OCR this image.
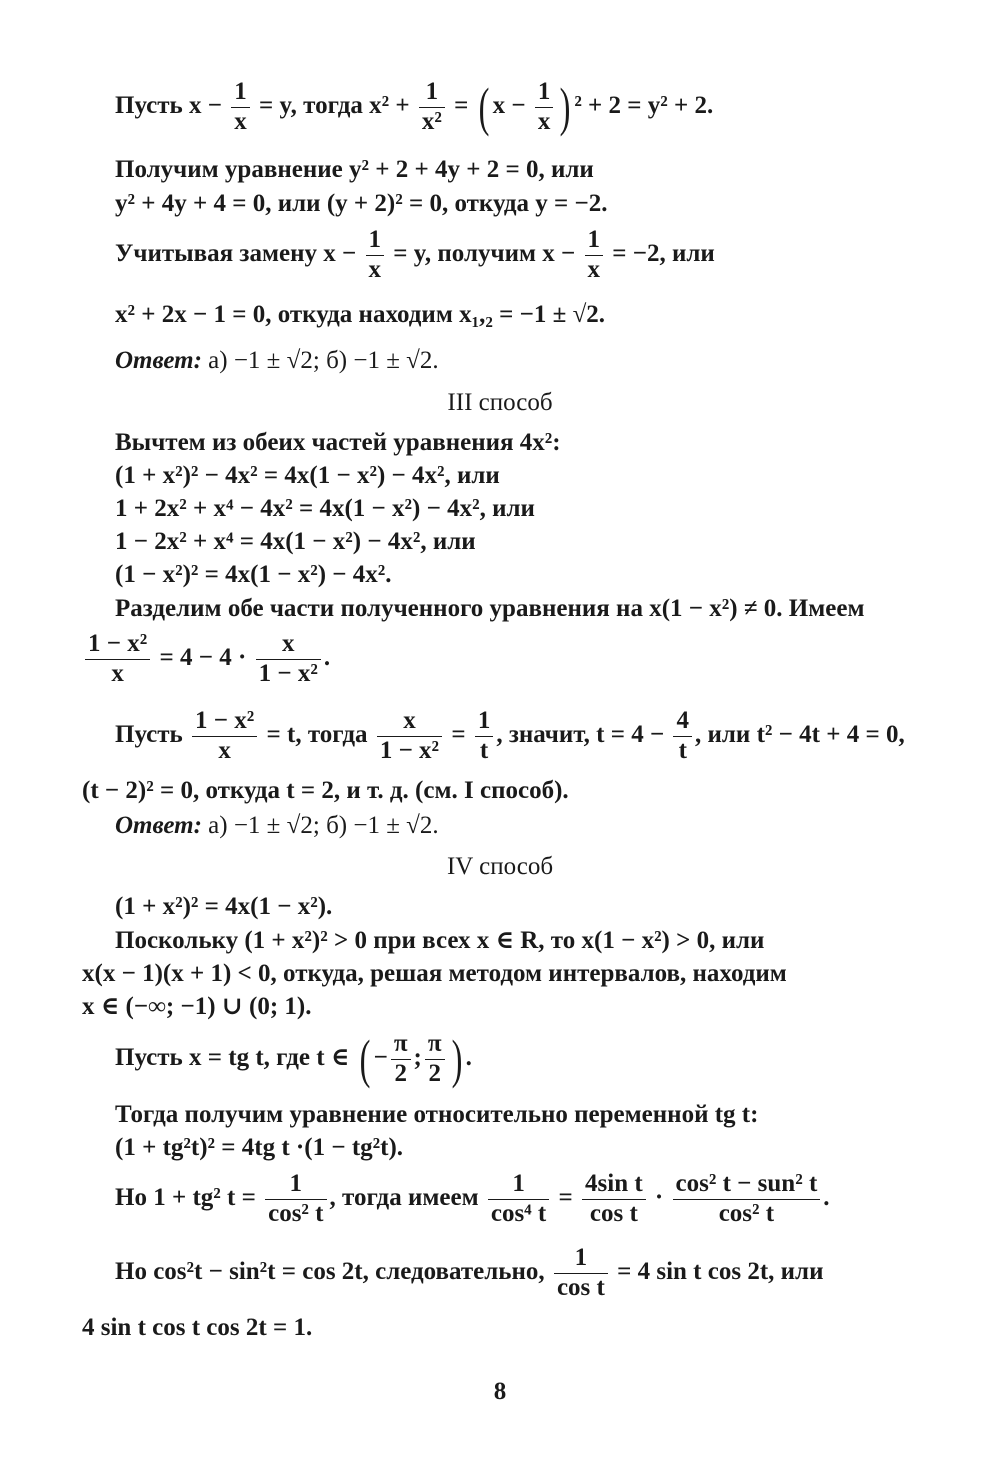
Пусть $x - \frac{1}{x} = y$, тогда $x^2 + \frac{1}{\text{x²}}$ = ( $x - \frac{1}{x}$ ) ² + 2 = y² + 2.
Получим уравнение y² + 2 + 4y + 2 = 0, или
y² + 4y + 4 = 0, или (y + 2)² = 0, откуда y = −2.
Учитывая замену $x - \frac{1}{x} = y$, получим $x - \frac{1}{x} = -2$, или
x² + 2x − 1 = 0, откуда находим x₁,₂ = −1 ± √2.
Ответ: а) −1 ± √2; б) −1 ± √2.
III способ
Вычтем из обеих частей уравнения 4x²:
(1 + x²)² − 4x² = 4x(1 − x²) − 4x², или
1 + 2x² + x⁴ − 4x² = 4x(1 − x²) − 4x², или
1 − 2x² + x⁴ = 4x(1 − x²) − 4x², или
(1 − x²)² = 4x(1 − x²) − 4x².
Разделим обе части полученного уравнения на x(1 − x²) ≠ 0. Имеем
$\frac{\text{1 − x²}}{x} = 4 - 4 \cdot \frac{x}{\text{1 − x²}}$ .
Пусть $\frac{\text{1 − x²}}{x} = t$, тогда $\frac{x}{\text{1 − x²}} = \frac{1}{t}$ , значит, $t = 4 - \frac{4}{t}$ , или t² − 4t + 4 = 0,
(t − 2)² = 0, откуда t = 2, и т. д. (см. I способ).
Ответ: а) −1 ± √2; б) −1 ± √2.
IV способ
(1 + x²)² = 4x(1 − x²).
Поскольку (1 + x²)² > 0 при всех x ∈ R, то x(1 − x²) > 0, или
x(x − 1)(x + 1) < 0, откуда, решая методом интервалов, находим
x ∈ (−∞; −1) ∪ (0; 1).
Пусть x = tg t, где t ∈ ( − $\frac{\pi}{2}$ ; $\frac{\pi}{2}$ ) .
Тогда получим уравнение относительно переменной tg t:
(1 + tg²t)² = 4tg t ·(1 − tg²t).
Но 1 + tg² $t = \frac{1}{\text{cos² t}}$ , тогда имеем $\frac{1}{\text{cos⁴ t}} = \frac{\text{4sin t}}{\text{cos t}}$ ·
cos² t − sun² t
cos² t
.
Но cos²t − sin²t = cos 2t, следовательно, $\frac{1}{\text{cos t}} = 4$ sin t cos 2t, или
4 sin t cos t cos 2t = 1.
8
